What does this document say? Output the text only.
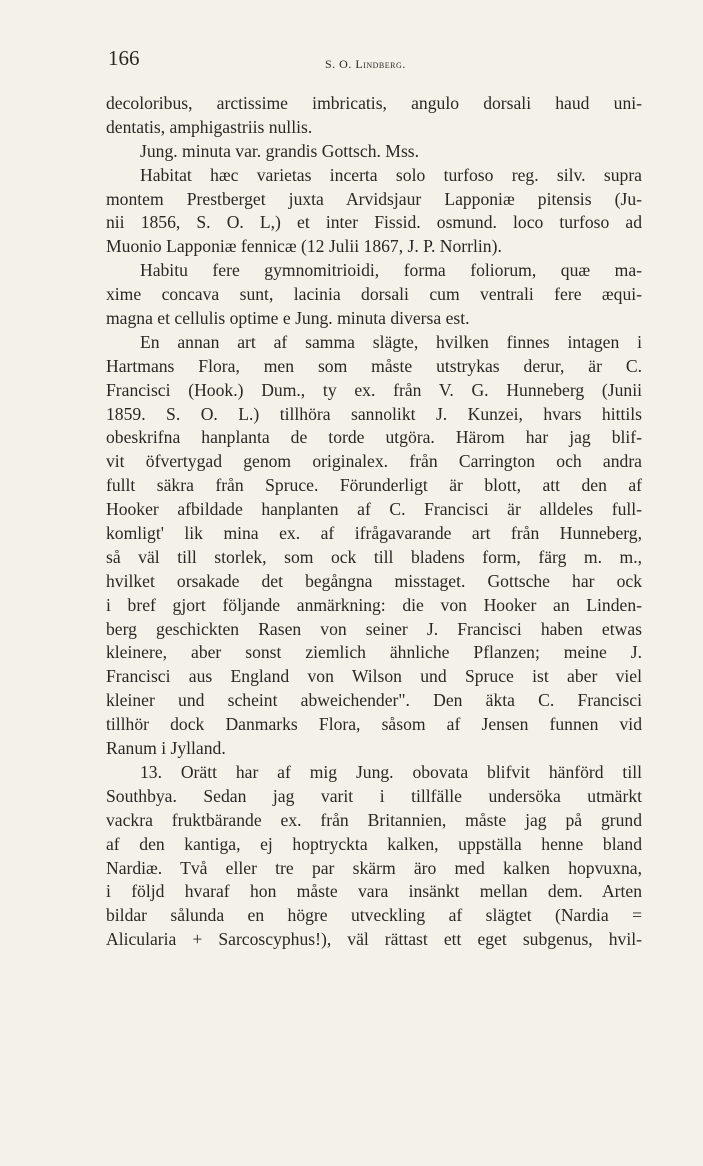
166	S. O. Lindberg.
decoloribus, arctissime imbricatis, angulo dorsali haud uni-
dentatis, amphigastriis nullis.
Jung. minuta var. grandis Gottsch. Mss.
Habitat hæc varietas incerta solo turfoso reg. silv. supra
montem Prestberget juxta Arvidsjaur Lapponiæ pitensis (Ju-
nii 1856, S. O. L,) et inter Fissid. osmund. loco turfoso ad
Muonio Lapponiæ fennicæ (12 Julii 1867, J. P. Norrlin).
Habitu fere gymnomitrioidi, forma foliorum, quæ ma-
xime concava sunt, lacinia dorsali cum ventrali fere æqui-
magna et cellulis optime e Jung. minuta diversa est.
En annan art af samma slägte, hvilken finnes intagen i
Hartmans Flora, men som måste utstrykas derur, är C.
Francisci (Hook.) Dum., ty ex. från V. G. Hunneberg (Junii
1859. S. O. L.) tillhöra sannolikt J. Kunzei, hvars hittils
obeskrifna hanplanta de torde utgöra. Härom har jag blif-
vit öfvertygad genom originalex. från Carrington och andra
fullt säkra från Spruce. Förunderligt är blott, att den af
Hooker afbildade hanplanten af C. Francisci är alldeles full-
komligt' lik mina ex. af ifrågavarande art från Hunneberg,
så väl till storlek, som ock till bladens form, färg m. m.,
hvilket orsakade det begångna misstaget. Gottsche har ock
i bref gjort följande anmärkning: die von Hooker an Linden-
berg geschickten Rasen von seiner J. Francisci haben etwas
kleinere, aber sonst ziemlich ähnliche Pflanzen; meine J.
Francisci aus England von Wilson und Spruce ist aber viel
kleiner und scheint abweichender". Den äkta C. Francisci
tillhör dock Danmarks Flora, såsom af Jensen funnen vid
Ranum i Jylland.
13. Orätt har af mig Jung. obovata blifvit hänförd till
Southbya. Sedan jag varit i tillfälle undersöka utmärkt
vackra fruktbärande ex. från Britannien, måste jag på grund
af den kantiga, ej hoptryckta kalken, uppställa henne bland
Nardiæ. Två eller tre par skärm äro med kalken hopvuxna,
i följd hvaraf hon måste vara insänkt mellan dem. Arten
bildar sålunda en högre utveckling af slägtet (Nardia =
Alicularia + Sarcoscyphus!), väl rättast ett eget subgenus, hvil-
